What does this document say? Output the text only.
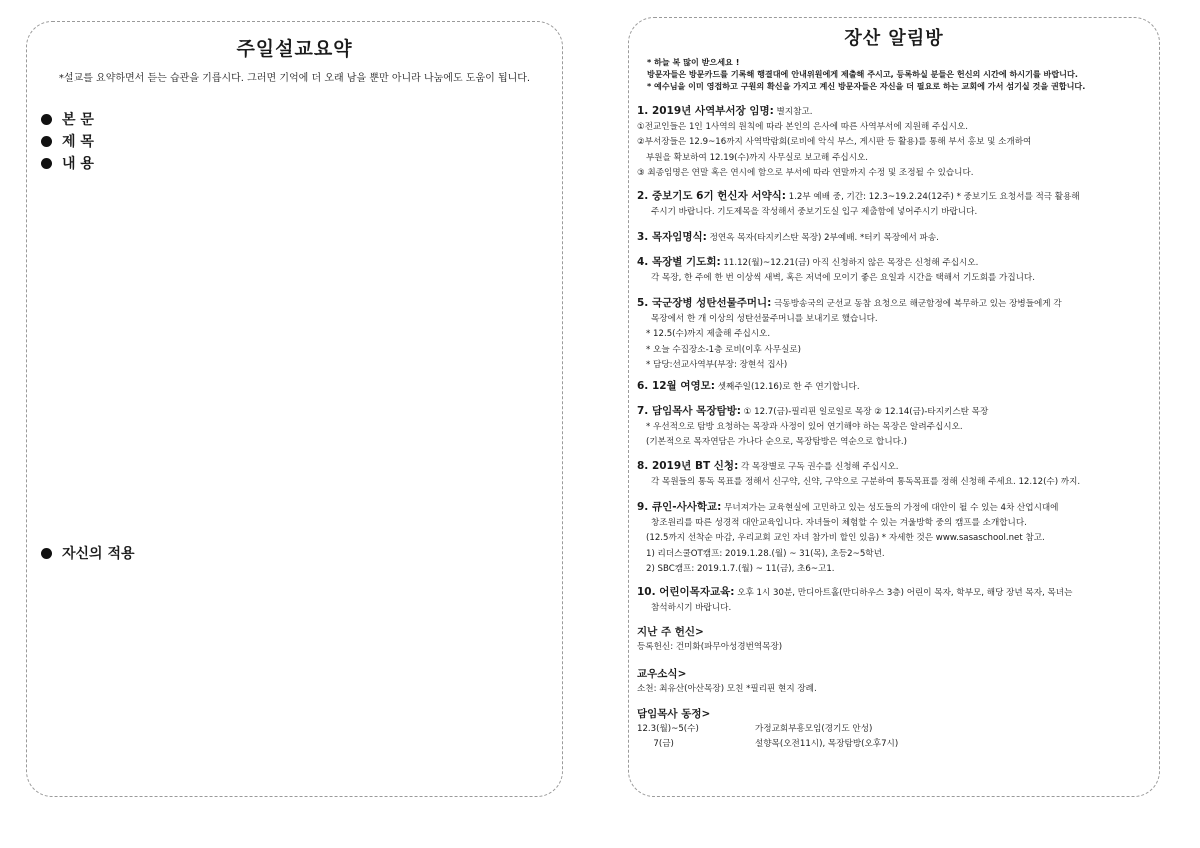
주일설교요약
*설교를 요약하면서 듣는 습관을 기릅시다. 그러면 기억에 더 오래 남을 뿐만 아니라 나눔에도 도움이 됩니다.
본 문
제 목
내 용
자신의 적용
장산 알림방
* 하늘 복 많이 받으세요 !
방문자들은 방문카드를 기록해 행결대에 안내위원에게 제출해 주시고, 등록하실 분들은 헌신의 시간에 하시기를 바랍니다.
* 예수님을 이미 영접하고 구원의 확신을 가지고 계신 방문자들은 자신을 더 필요로 하는 교회에 가서 섬기실 것을 권합니다.
1. 2019년 사역부서장 임명: 별지참고.
①전교인들은 1인 1사역의 원칙에 따라 본인의 은사에 따른 사역부서에 지원해 주십시오.
②부서장들은 12.9~16까지 사역박람회(로비에 악식 부스, 게시판 등 활용)를 통해 부서 홍보 및 소개하여
부원을 확보하여 12.19(수)까지 사무실로 보고해 주십시오.
③ 최종임명은 연말 혹은 연시에 함으로 부서에 따라 연말까지 수정 및 조정될 수 있습니다.
2. 중보기도 6기 헌신자 서약식: 1.2부 예배 중, 기간: 12.3~19.2.24(12주) * 중보기도 요청서를 적극 활용해
주시기 바랍니다. 기도제목을 작성해서 중보기도실 입구 제출함에 넣어주시기 바랍니다.
3. 목자임명식: 정연옥 목자(타지키스탄 목장) 2부예배. *터키 목장에서 파송.
4. 목장별 기도회: 11.12(월)~12.21(금) 아직 신청하지 않은 목장은 신청해 주십시오.
각 목장, 한 주에 한 번 이상씩 새벽, 혹은 저녁에 모이기 좋은 요일과 시간을 택해서 기도회를 가집니다.
5. 국군장병 성탄선물주머니: 극동방송국의 군선교 동참 요청으로 해군함정에 복무하고 있는 장병들에게 각
목장에서 한 개 이상의 성탄선물주머니를 보내기로 했습니다.
* 12.5(수)까지 제출해 주십시오.
* 오늘 수집장소-1층 로비(이후 사무실로)
* 담당:선교사역부(부장: 장현석 집사)
6. 12월 여영모: 셋째주일(12.16)로 한 주 연기합니다.
7. 담임목사 목장탐방: ① 12.7(금)-필리핀 일로일로 목장 ② 12.14(금)-타지키스탄 목장
* 우선적으로 탐방 요청하는 목장과 사정이 있어 연기해야 하는 목장은 알려주십시오.
(기본적으로 목자연담은 가나다 순으로, 목장탐방은 역순으로 합니다.)
8. 2019년 BT 신청: 각 목장별로 구독 권수를 신청해 주십시오.
각 목원들의 통독 목표를 정해서 신구약, 신약, 구약으로 구분하여 통독목표를 정해 신청해 주세요. 12.12(수) 까지.
9. 큐인-사사학교: 무너져가는 교육현실에 고민하고 있는 성도들의 가정에 대안이 될 수 있는 4차 산업시대에
창조원리를 따른 성경적 대안교육입니다. 자녀들이 체험할 수 있는 겨울방학 중의 캠프를 소개합니다.
(12.5까지 선착순 마감, 우리교회 교인 자녀 참가비 할인 있음) * 자세한 것은 www.sasaschool.net 참고.
1) 리더스쿨OT캠프: 2019.1.28.(월) ~ 31(목), 초등2~5학년.
2) SBC캠프: 2019.1.7.(월) ~ 11(금), 초6~고1.
10. 어린이목자교육: 오후 1시 30분, 만디아트홀(만디하우스 3층) 어린이 목자, 학부모, 해당 장년 목자, 목녀는
참석하시기 바랍니다.
지난 주 헌신>
등록헌신: 건미화(파무아성경번역목장)
교우소식>
소천: 최유산(아산목장) 모친 *필리핀 현지 장례.
담임목사 동정>
12.3(월)~5(수)	가정교회부흥모임(경기도 안성)
7(금)	설향목(오전11시), 목장탐방(오후7시)
